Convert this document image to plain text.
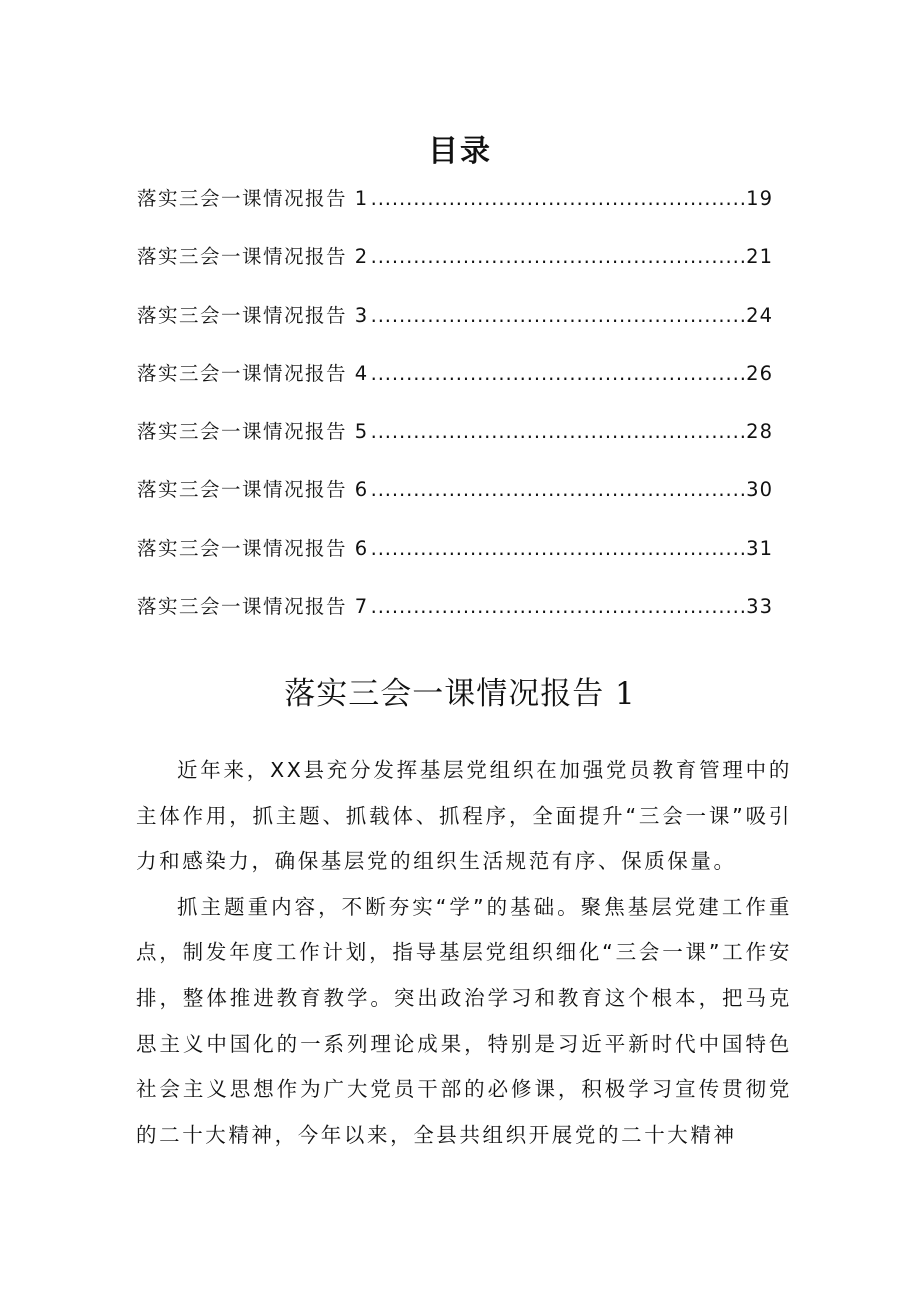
目录
落实三会一课情况报告 1 .....	19
落实三会一课情况报告 2 .....	21
落实三会一课情况报告 3 .....	24
落实三会一课情况报告 4 .....	26
落实三会一课情况报告 5 .....	28
落实三会一课情况报告 6 .....	30
落实三会一课情况报告 6 .....	31
落实三会一课情况报告 7 .....	33
落实三会一课情况报告 1

近年来，XX县充分发挥基层党组织在加强党员教育管理中的主体作用，抓主题、抓载体、抓程序，全面提升“三会一课”吸引力和感染力，确保基层党的组织生活规范有序、保质保量。

抓主题重内容，不断夯实“学”的基础。聚焦基层党建工作重点，制发年度工作计划，指导基层党组织细化“三会一课”工作安排，整体推进教育教学。突出政治学习和教育这个根本，把马克思主义中国化的一系列理论成果，特别是习近平新时代中国特色社会主义思想作为广大党员干部的必修课，积极学习宣传贯彻党的二十大精神，今年以来，全县共组织开展党的二十大精神
